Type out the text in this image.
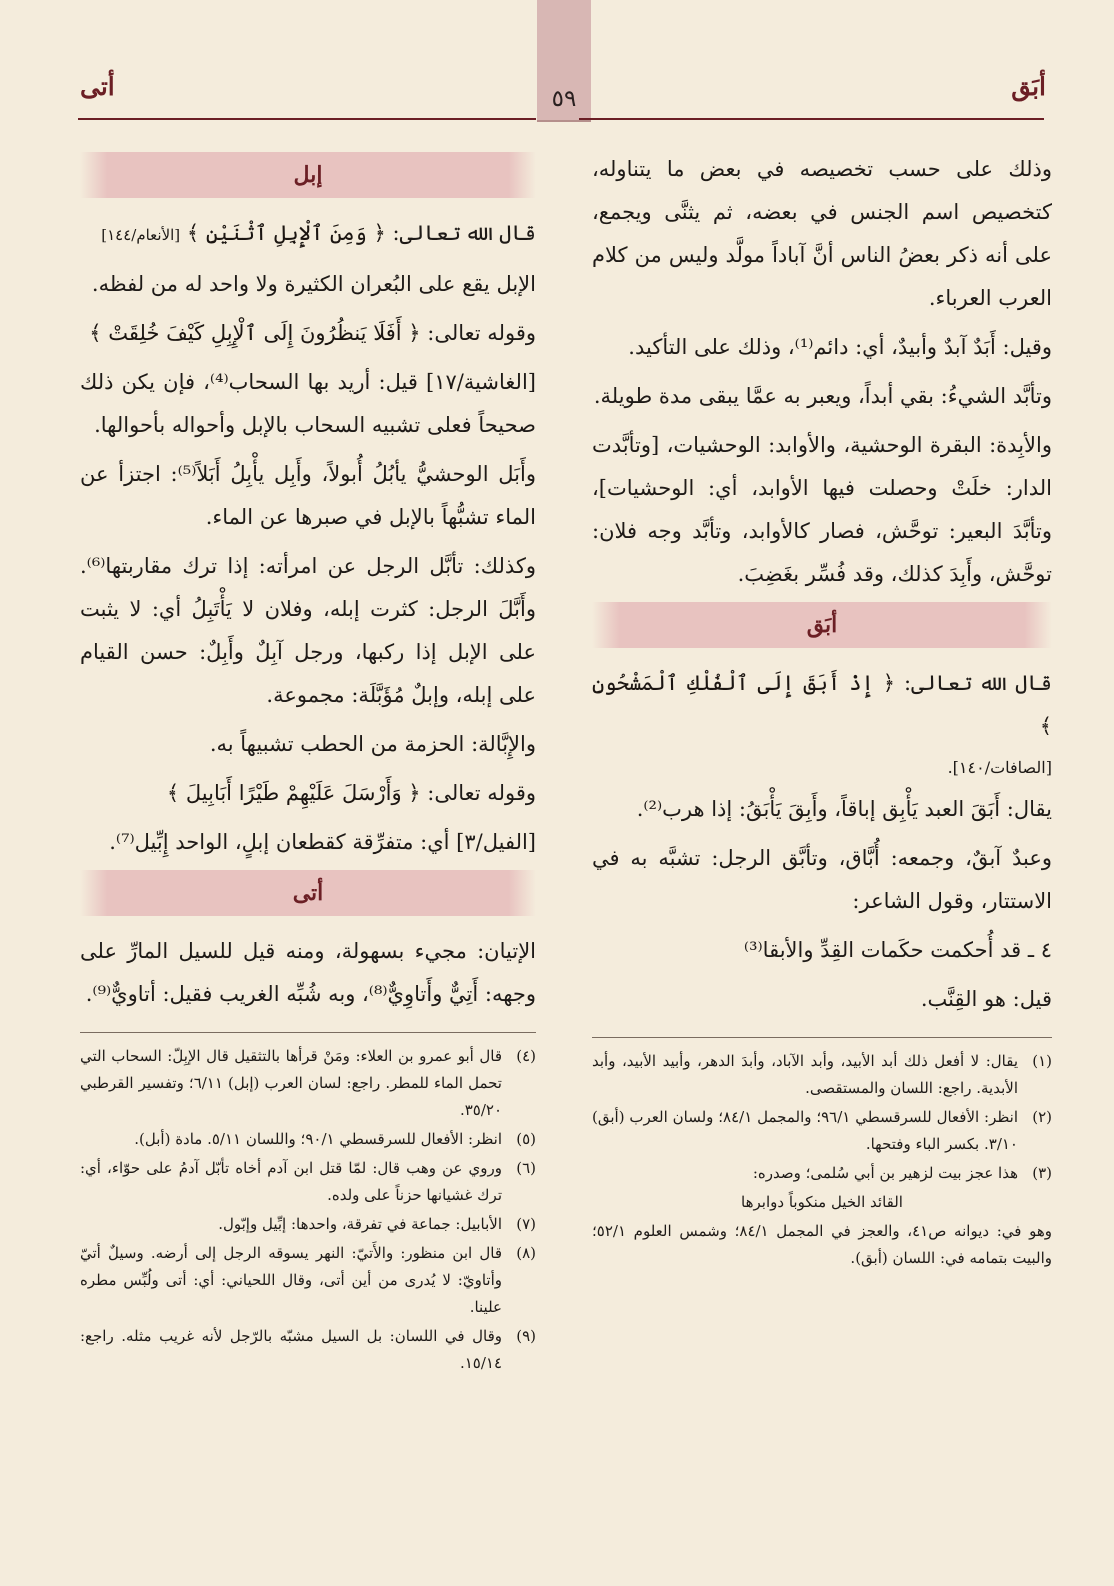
٥٩	أبَق
أتى

وذلك على حسب تخصيصه في بعض ما يتناوله، كتخصيص اسم الجنس في بعضه، ثم يثنَّى ويجمع، على أنه ذكر بعضُ الناس أنَّ آباداً مولَّد وليس من كلام العرب العرباء.

وقيل: أَبَدٌ آبدٌ وأبيدٌ، أي: دائم⁽¹⁾، وذلك على التأكيد.

وتأبَّد الشيءُ: بقي أبداً، ويعبر به عمَّا يبقى مدة طويلة.

والأبِدة: البقرة الوحشية، والأوابد: الوحشيات، [وتأبَّدت الدار: خلَتْ وحصلت فيها الأوابد، أي: الوحشيات]، وتأبَّدَ البعير: توحَّش، فصار كالأوابد، وتأبَّد وجه فلان: توحَّش، وأَبِدَ كذلك، وقد فُسِّر بغَضِبَ.

أبَق

قال الله تعالى: ﴿ إِذْ أَبَقَ إِلَى ٱلْفُلْكِ ٱلْمَشْحُونِ ﴾

[الصافات/١٤٠].

يقال: أَبَقَ العبد يَأْبِق إباقاً، وأَبِقَ يَأْبَقُ: إذا هرب⁽²⁾.

وعبدٌ آبقٌ، وجمعه: أُبَّاق، وتأبَّق الرجل: تشبَّه به في الاستتار، وقول الشاعر:

٤ ـ قد أُحكمت حكَمات القِدِّ والأبقا⁽³⁾

قيل: هو القِنَّب.

(١)
يقال: لا أفعل ذلك أبد الأبيد، وأبد الآباد، وأبدَ الدهر، وأبيد الأبيد، وأبد الأبدية. راجع: اللسان والمستقصى.
(٢)
انظر: الأفعال للسرقسطي ٩٦/١؛ والمجمل ٨٤/١؛ ولسان العرب (أبق) ٣/١٠. بكسر الباء وفتحها.
(٣)
هذا عجز بيت لزهير بن أبي سُلمى؛ وصدره:
القائد الخيل منكوباً دوابرها
وهو في: ديوانه ص٤١، والعجز في المجمل ٨٤/١؛ وشمس العلوم ٥٢/١؛ والبيت بتمامه في: اللسان (أبق).
إبل

قال الله تعالى: ﴿ وَمِنَ ٱلْإِبِلِ ٱثْنَيْنِ ﴾ [الأنعام/١٤٤]

الإبل يقع على البُعران الكثيرة ولا واحد له من لفظه.

وقوله تعالى: ﴿ أَفَلَا يَنظُرُونَ إِلَى ٱلْإِبِلِ كَيْفَ خُلِقَتْ ﴾

[الغاشية/١٧] قيل: أريد بها السحاب⁽⁴⁾، فإن يكن ذلك صحيحاً فعلى تشبيه السحاب بالإبل وأحواله بأحوالها.

وأَبَل الوحشيُّ يأبُلُ أُبولاً، وأَبِل يأْبِلُ أَبَلاً⁽⁵⁾: اجتزأ عن الماء تشبُّهاً بالإبل في صبرها عن الماء.

وكذلك: تأبَّل الرجل عن امرأته: إذا ترك مقاربتها⁽⁶⁾. وأَبَّلَ الرجل: كثرت إبله، وفلان لا يَأْتَبِلُ أي: لا يثبت على الإبل إذا ركبها، ورجل آبِلٌ وأَبِلٌ: حسن القيام على إبله، وإبلٌ مُؤَبَّلَة: مجموعة.

والإِبَّالة: الحزمة من الحطب تشبيهاً به.

وقوله تعالى: ﴿ وَأَرْسَلَ عَلَيْهِمْ طَيْرًا أَبَابِيلَ ﴾

[الفيل/٣] أي: متفرِّقة كقطعان إبلٍ، الواحد إِبِّيل⁽⁷⁾.

أتى

الإتيان: مجيء بسهولة، ومنه قيل للسيل المارِّ على وجهه: أَتِيٌّ وأَتاوِيٌّ⁽⁸⁾، وبه شُبِّه الغريب فقيل: أتاويٌّ⁽⁹⁾.

(٤)
قال أبو عمرو بن العلاء: ومَنْ قرأها بالتثقيل قال الإبِلّ: السحاب التي تحمل الماء للمطر. راجع: لسان العرب (إبل) ٦/١١؛ وتفسير القرطبي ٣٥/٢٠.
(٥)
انظر: الأفعال للسرقسطي ٩٠/١؛ واللسان ٥/١١. مادة (أبل).
(٦)
وروي عن وهب قال: لمّا قتل ابن آدم أخاه تأبّل آدمُ على حوّاء، أي: ترك غشيانها حزناً على ولده.
(٧)
الأبابيل: جماعة في تفرقة، واحدها: إبِّيل وإبّول.
(٨)
قال ابن منظور: والأَتيّ: النهر يسوقه الرجل إلى أرضه. وسيلٌ أتيّ وأتاويّ: لا يُدرى من أين أتى، وقال اللحياني: أي: أتى ولُبِّس مطره علينا.
(٩)
وقال في اللسان: بل السيل مشبّه بالرّجل لأنه غريب مثله. راجع: ١٥/١٤.
